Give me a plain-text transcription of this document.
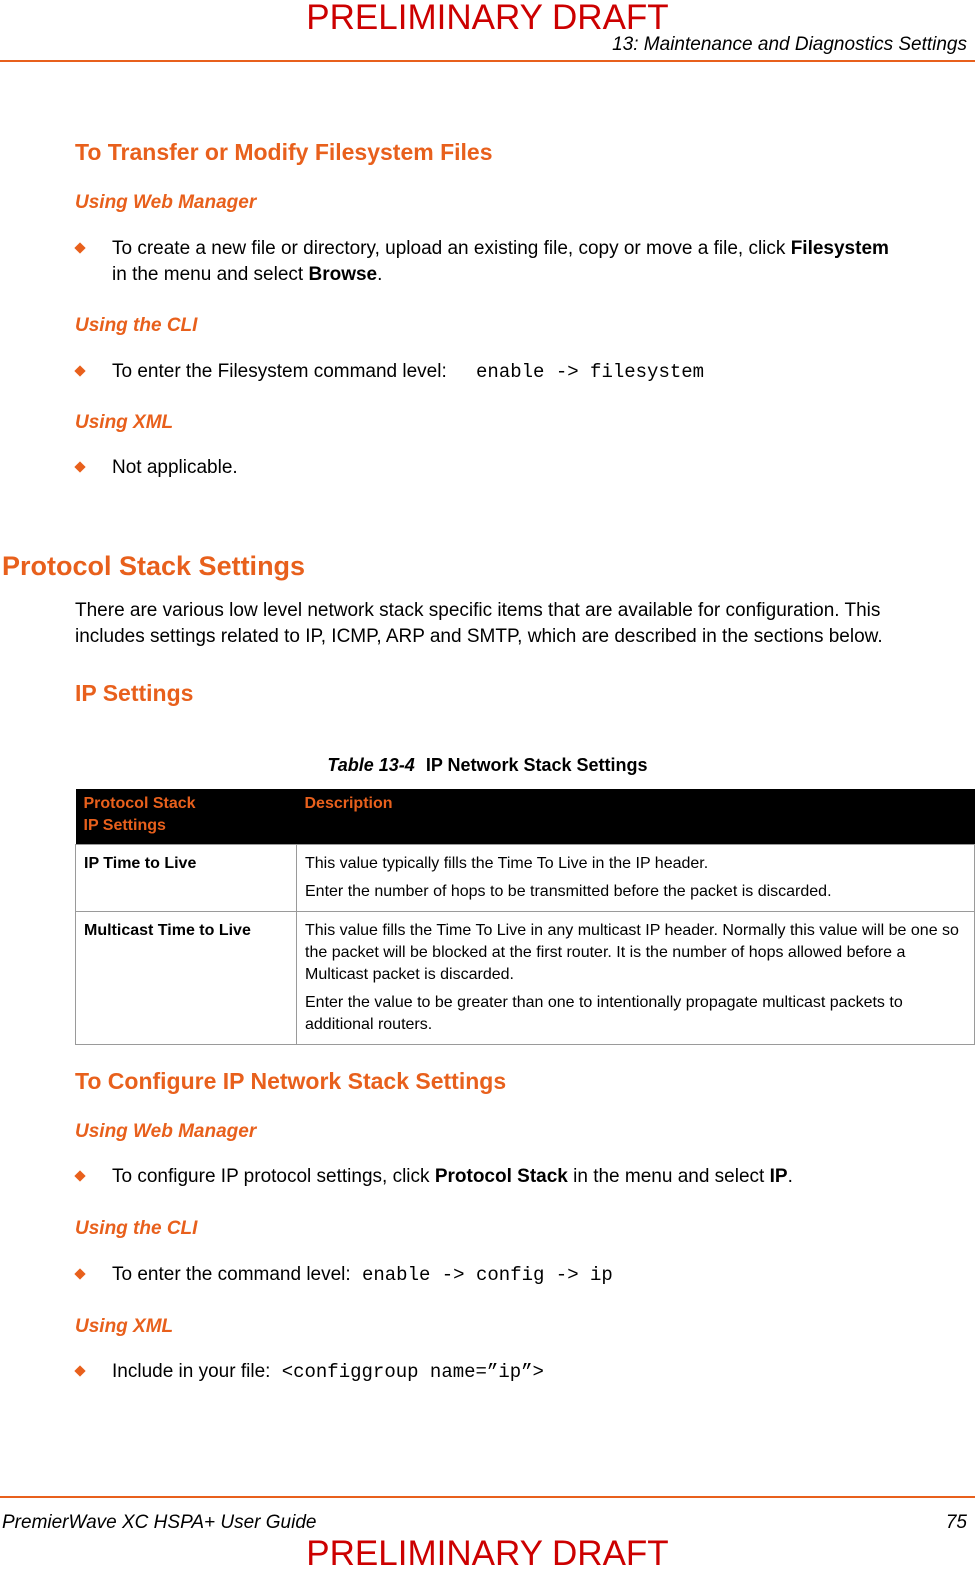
PRELIMINARY DRAFT
13: Maintenance and Diagnostics Settings
To Transfer or Modify Filesystem Files
Using Web Manager
To create a new file or directory, upload an existing file, copy or move a file, click Filesystem
in the menu and select Browse.
Using the CLI
To enter the Filesystem command level: enable -> filesystem
Using XML
Not applicable.
Protocol Stack Settings
There are various low level network stack specific items that are available for configuration. This
includes settings related to IP, ICMP, ARP and SMTP, which are described in the sections below.
IP Settings
Table 13-4 IP Network Stack Settings
Protocol Stack
IP Settings	Description
IP Time to Live	This value typically fills the Time To Live in the IP header.

Enter the number of hops to be transmitted before the packet is discarded.

Multicast Time to Live	This value fills the Time To Live in any multicast IP header. Normally this value will be one so the packet will be blocked at the first router. It is the number of hops allowed before a Multicast packet is discarded.

Enter the value to be greater than one to intentionally propagate multicast packets to additional routers.

To Configure IP Network Stack Settings
Using Web Manager
To configure IP protocol settings, click Protocol Stack in the menu and select IP.
Using the CLI
To enter the command level: enable -> config -> ip
Using XML
Include in your file: <configgroup name=”ip”>
PremierWave XC HSPA+ User Guide	75
PRELIMINARY DRAFT
